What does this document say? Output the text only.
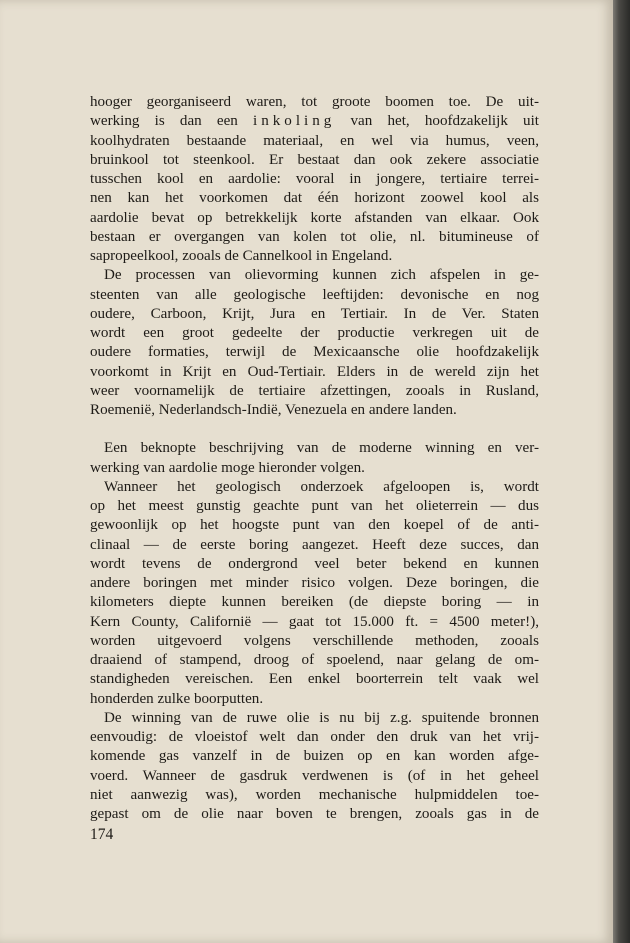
hooger georganiseerd waren, tot groote boomen toe. De uit-
werking is dan een inkoling van het, hoofdzakelijk uit
koolhydraten bestaande materiaal, en wel via humus, veen,
bruinkool tot steenkool. Er bestaat dan ook zekere associatie
tusschen kool en aardolie: vooral in jongere, tertiaire terrei-
nen kan het voorkomen dat één horizont zoowel kool als
aardolie bevat op betrekkelijk korte afstanden van elkaar. Ook
bestaan er overgangen van kolen tot olie, nl. bitumineuse of
sapropeelkool, zooals de Cannelkool in Engeland.
De processen van olievorming kunnen zich afspelen in ge-
steenten van alle geologische leeftijden: devonische en nog
oudere, Carboon, Krijt, Jura en Tertiair. In de Ver. Staten
wordt een groot gedeelte der productie verkregen uit de
oudere formaties, terwijl de Mexicaansche olie hoofdzakelijk
voorkomt in Krijt en Oud-Tertiair. Elders in de wereld zijn het
weer voornamelijk de tertiaire afzettingen, zooals in Rusland,
Roemenië, Nederlandsch-Indië, Venezuela en andere landen.
Een beknopte beschrijving van de moderne winning en ver-
werking van aardolie moge hieronder volgen.
Wanneer het geologisch onderzoek afgeloopen is, wordt
op het meest gunstig geachte punt van het olieterrein — dus
gewoonlijk op het hoogste punt van den koepel of de anti-
clinaal — de eerste boring aangezet. Heeft deze succes, dan
wordt tevens de ondergrond veel beter bekend en kunnen
andere boringen met minder risico volgen. Deze boringen, die
kilometers diepte kunnen bereiken (de diepste boring — in
Kern County, Californië — gaat tot 15.000 ft. = 4500 meter!),
worden uitgevoerd volgens verschillende methoden, zooals
draaiend of stampend, droog of spoelend, naar gelang de om-
standigheden vereischen. Een enkel boorterrein telt vaak wel
honderden zulke boorputten.
De winning van de ruwe olie is nu bij z.g. spuitende bronnen
eenvoudig: de vloeistof welt dan onder den druk van het vrij-
komende gas vanzelf in de buizen op en kan worden afge-
voerd. Wanneer de gasdruk verdwenen is (of in het geheel
niet aanwezig was), worden mechanische hulpmiddelen toe-
gepast om de olie naar boven te brengen, zooals gas in de
174
